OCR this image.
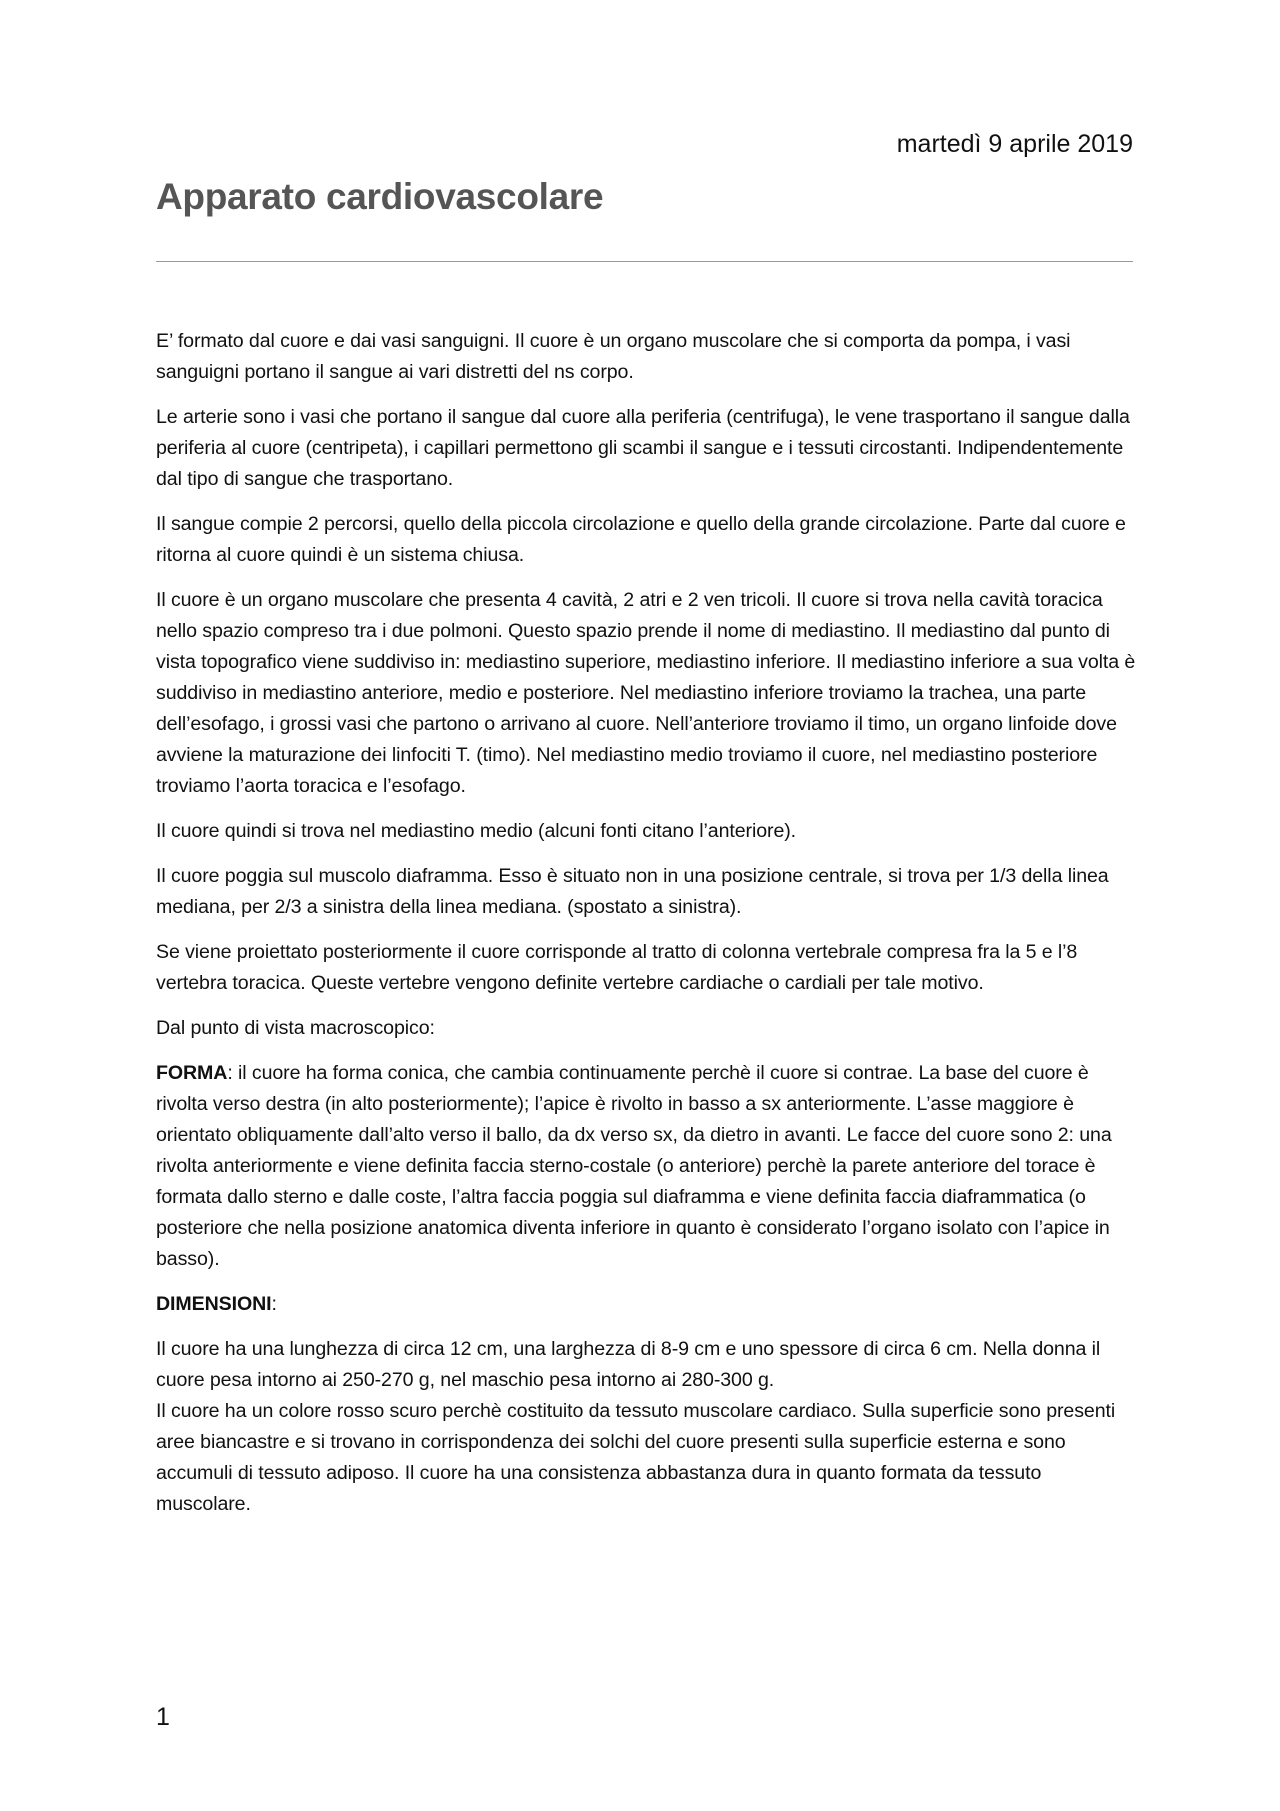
martedì 9 aprile 2019
Apparato cardiovascolare

E’ formato dal cuore e dai vasi sanguigni. Il cuore è un organo muscolare che si comporta da pompa, i vasi sanguigni portano il sangue ai vari distretti del ns corpo.

Le arterie sono i vasi che portano il sangue dal cuore alla periferia (centrifuga), le vene trasportano il sangue dalla periferia al cuore (centripeta), i capillari permettono gli scambi il sangue e i tessuti circostanti. Indipendentemente dal tipo di sangue che trasportano.

Il sangue compie 2 percorsi, quello della piccola circolazione e quello della grande circolazione. Parte dal cuore e ritorna al cuore quindi è un sistema chiusa.

Il cuore è un organo muscolare che presenta 4 cavità, 2 atri e 2 ven tricoli. Il cuore si trova nella cavità toracica nello spazio compreso tra i due polmoni. Questo spazio prende il nome di mediastino. Il mediastino dal punto di vista topografico viene suddiviso in: mediastino superiore, mediastino inferiore. Il mediastino inferiore a sua volta è suddiviso in mediastino anteriore, medio e posteriore. Nel mediastino inferiore troviamo la trachea, una parte dell’esofago, i grossi vasi che partono o arrivano al cuore. Nell’anteriore troviamo il timo, un organo linfoide dove avviene la maturazione dei linfociti T. (timo). Nel mediastino medio troviamo il cuore, nel mediastino posteriore troviamo l’aorta toracica e l’esofago.

Il cuore quindi si trova nel mediastino medio (alcuni fonti citano l’anteriore).

Il cuore poggia sul muscolo diaframma. Esso è situato non in una posizione centrale, si trova per 1/3 della linea mediana, per 2/3 a sinistra della linea mediana. (spostato a sinistra).

Se viene proiettato posteriormente il cuore corrisponde al tratto di colonna vertebrale compresa fra la 5 e l’8 vertebra toracica. Queste vertebre vengono definite vertebre cardiache o cardiali per tale motivo.

Dal punto di vista macroscopico:

FORMA: il cuore ha forma conica, che cambia continuamente perchè il cuore si contrae. La base del cuore è rivolta verso destra (in alto posteriormente); l’apice è rivolto in basso a sx anteriormente. L’asse maggiore è orientato obliquamente dall’alto verso il ballo, da dx verso sx, da dietro in avanti. Le facce del cuore sono 2: una rivolta anteriormente e viene definita faccia sterno-costale (o anteriore) perchè la parete anteriore del torace è formata dallo sterno e dalle coste, l’altra faccia poggia sul diaframma e viene definita faccia diaframmatica (o posteriore che nella posizione anatomica diventa inferiore in quanto è considerato l’organo isolato con l’apice in basso).

DIMENSIONI:

Il cuore ha una lunghezza di circa 12 cm, una larghezza di 8-9 cm e uno spessore di circa 6 cm. Nella donna il cuore pesa intorno ai 250-270 g, nel maschio pesa intorno ai 280-300 g.

Il cuore ha un colore rosso scuro perchè costituito da tessuto muscolare cardiaco. Sulla superficie sono presenti aree biancastre e si trovano in corrispondenza dei solchi del cuore presenti sulla superficie esterna e sono accumuli di tessuto adiposo. Il cuore ha una consistenza abbastanza dura in quanto formata da tessuto muscolare.

1
